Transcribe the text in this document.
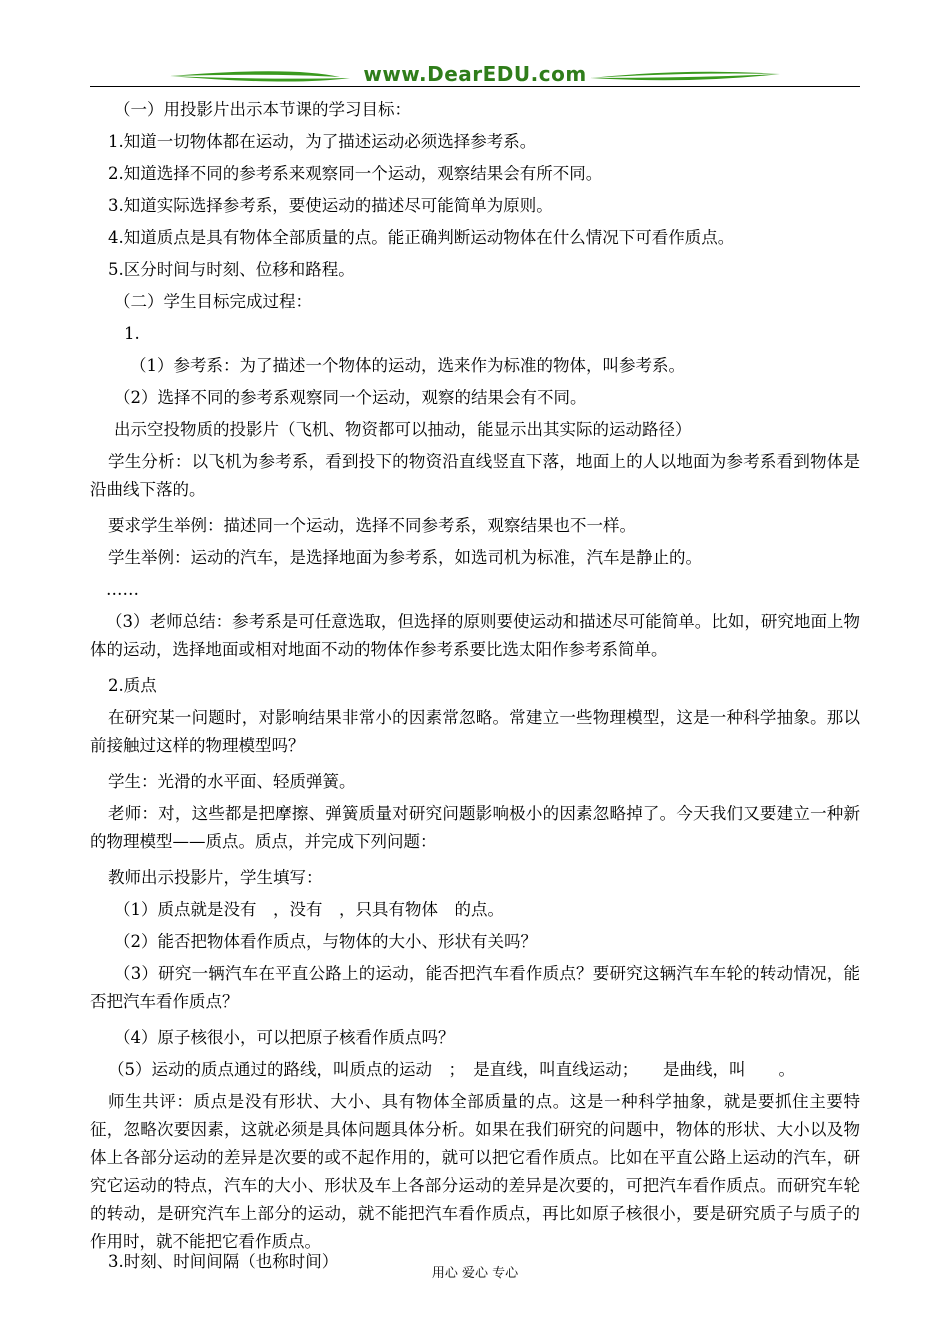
www.DearEDU.com
（一）用投影片出示本节课的学习目标：
1.知道一切物体都在运动，为了描述运动必须选择参考系。
2.知道选择不同的参考系来观察同一个运动，观察结果会有所不同。
3.知道实际选择参考系，要使运动的描述尽可能简单为原则。
4.知道质点是具有物体全部质量的点。能正确判断运动物体在什么情况下可看作质点。
5.区分时间与时刻、位移和路程。
（二）学生目标完成过程：
1.
（1）参考系：为了描述一个物体的运动，选来作为标准的物体，叫参考系。
（2）选择不同的参考系观察同一个运动，观察的结果会有不同。
出示空投物质的投影片（飞机、物资都可以抽动，能显示出其实际的运动路径）
学生分析：以飞机为参考系，看到投下的物资沿直线竖直下落，地面上的人以地面为参考系看到物体是沿曲线下落的。
要求学生举例：描述同一个运动，选择不同参考系，观察结果也不一样。
学生举例：运动的汽车，是选择地面为参考系，如选司机为标准，汽车是静止的。
……
（3）老师总结：参考系是可任意选取，但选择的原则要使运动和描述尽可能简单。比如，研究地面上物体的运动，选择地面或相对地面不动的物体作参考系要比选太阳作参考系简单。
2.质点
在研究某一问题时，对影响结果非常小的因素常忽略。常建立一些物理模型，这是一种科学抽象。那以前接触过这样的物理模型吗？
学生：光滑的水平面、轻质弹簧。
老师：对，这些都是把摩擦、弹簧质量对研究问题影响极小的因素忽略掉了。今天我们又要建立一种新的物理模型——质点。质点，并完成下列问题：
教师出示投影片，学生填写：
（1）质点就是没有　，没有　，只具有物体　的点。
（2）能否把物体看作质点，与物体的大小、形状有关吗？
（3）研究一辆汽车在平直公路上的运动，能否把汽车看作质点？要研究这辆汽车车轮的转动情况，能否把汽车看作质点？
（4）原子核很小，可以把原子核看作质点吗？
（5）运动的质点通过的路线，叫质点的运动　；　是直线，叫直线运动；　　是曲线，叫　　。
师生共评：质点是没有形状、大小、具有物体全部质量的点。这是一种科学抽象，就是要抓住主要特征，忽略次要因素，这就必须是具体问题具体分析。如果在我们研究的问题中，物体的形状、大小以及物体上各部分运动的差异是次要的或不起作用的，就可以把它看作质点。比如在平直公路上运动的汽车，研究它运动的特点，汽车的大小、形状及车上各部分运动的差异是次要的，可把汽车看作质点。而研究车轮的转动，是研究汽车上部分的运动，就不能把汽车看作质点，再比如原子核很小，要是研究质子与质子的作用时，就不能把它看作质点。
3.时刻、时间间隔（也称时间）
用心 爱心 专心
